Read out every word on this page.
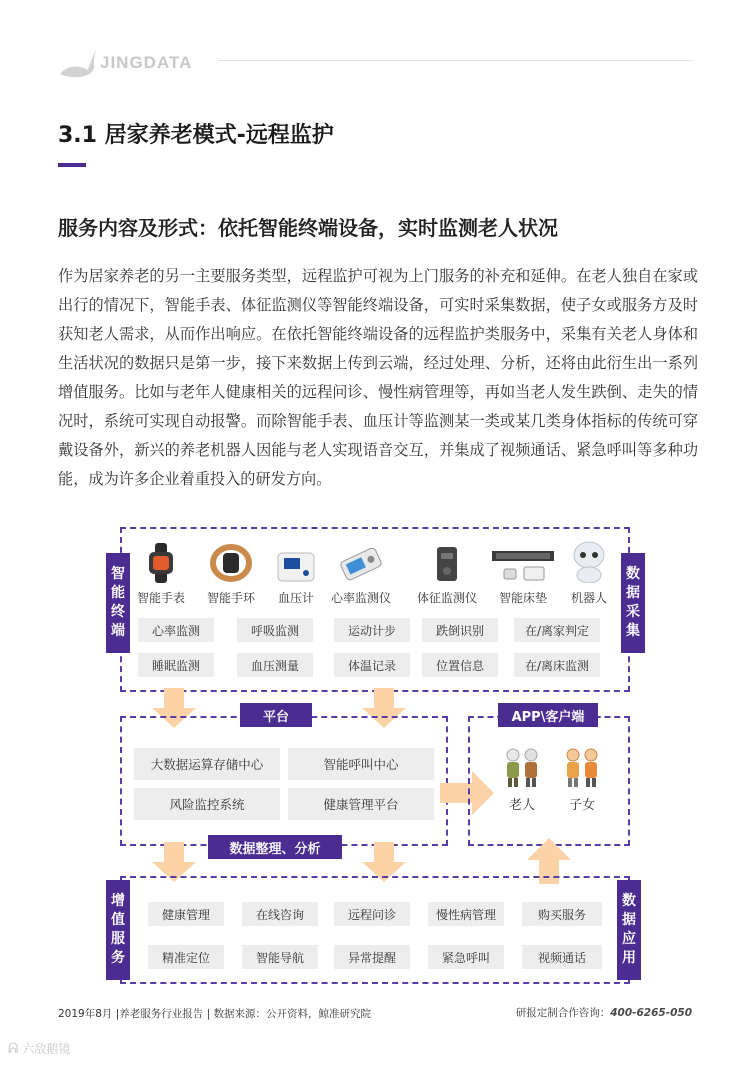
JINGDATA
3.1 居家养老模式-远程监护
服务内容及形式：依托智能终端设备，实时监测老人状况
作为居家养老的另一主要服务类型，远程监护可视为上门服务的补充和延伸。在老人独自在家或出行的情况下，智能手表、体征监测仪等智能终端设备，可实时采集数据，使子女或服务方及时获知老人需求，从而作出响应。在依托智能终端设备的远程监护类服务中，采集有关老人身体和生活状况的数据只是第一步，接下来数据上传到云端，经过处理、分析，还将由此衍生出一系列增值服务。比如与老年人健康相关的远程问诊、慢性病管理等，再如当老人发生跌倒、走失的情况时，系统可实现自动报警。而除智能手表、血压计等监测某一类或某几类身体指标的传统可穿戴设备外，新兴的养老机器人因能与老人实现语音交互，并集成了视频通话、紧急呼叫等多种功能，成为许多企业着重投入的研发方向。
智
能
终
端
数
据
采
集
智能手表	智能手环	血压计	心率监测仪	体征监测仪	智能床垫	机器人
心率监测	呼吸监测	运动计步	跌倒识别	在/离家判定
睡眠监测	血压测量	体温记录	位置信息	在/离床监测
平台
大数据运算存储中心	智能呼叫中心
风险监控系统	健康管理平台
数据整理、分析
APP\客户端
老人	子女
增
值
服
务
数
据
应
用
健康管理	在线咨询	远程问诊	慢性病管理	购买服务
精准定位	智能导航	异常提醒	紧急呼叫	视频通话
2019年8月 |养老服务行业报告 | 数据来源：公开资料，鲸准研究院	研报定制合作咨询：400-6265-050
ᕱ 六敌鹅镜
